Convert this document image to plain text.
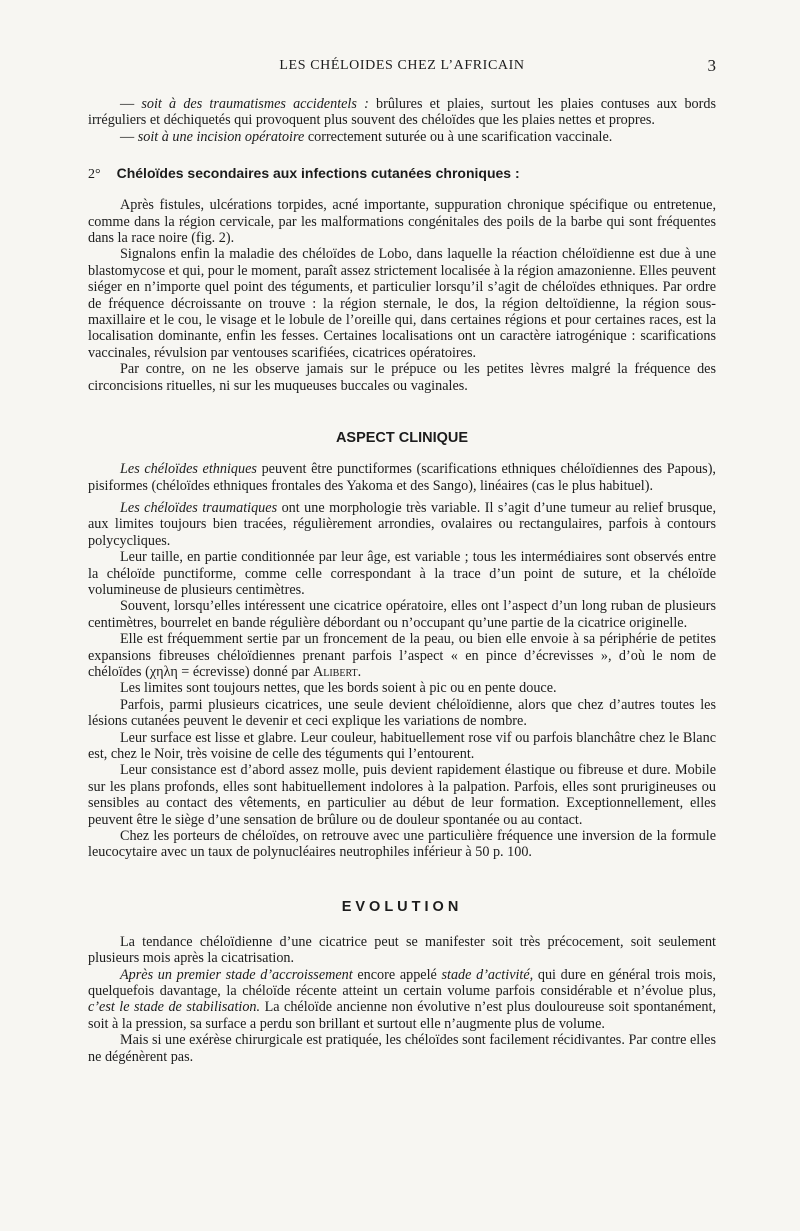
LES CHÉLOIDES CHEZ L’AFRICAIN	3

— soit à des traumatismes accidentels : brûlures et plaies, surtout les plaies contuses aux bords irréguliers et déchiquetés qui provoquent plus souvent des chéloïdes que les plaies nettes et propres.

— soit à une incision opératoire correctement suturée ou à une scarification vaccinale.

2° Chéloïdes secondaires aux infections cutanées chroniques :

Après fistules, ulcérations torpides, acné importante, suppuration chronique spécifique ou entretenue, comme dans la région cervicale, par les malformations congénitales des poils de la barbe qui sont fréquentes dans la race noire (fig. 2).

Signalons enfin la maladie des chéloïdes de Lobo, dans laquelle la réaction chéloïdienne est due à une blastomycose et qui, pour le moment, paraît assez strictement localisée à la région amazonienne. Elles peuvent siéger en n’importe quel point des téguments, et particulier lorsqu’il s’agit de chéloïdes ethniques. Par ordre de fréquence décroissante on trouve : la région sternale, le dos, la région deltoïdienne, la région sous-maxillaire et le cou, le visage et le lobule de l’oreille qui, dans certaines régions et pour certaines races, est la localisation dominante, enfin les fesses. Certaines localisations ont un caractère iatrogénique : scarifications vaccinales, révulsion par ventouses scarifiées, cicatrices opératoires.

Par contre, on ne les observe jamais sur le prépuce ou les petites lèvres malgré la fréquence des circoncisions rituelles, ni sur les muqueuses buccales ou vaginales.

ASPECT CLINIQUE

Les chéloïdes ethniques peuvent être punctiformes (scarifications ethniques chéloïdiennes des Papous), pisiformes (chéloïdes ethniques frontales des Yakoma et des Sango), linéaires (cas le plus habituel).

Les chéloïdes traumatiques ont une morphologie très variable. Il s’agit d’une tumeur au relief brusque, aux limites toujours bien tracées, régulièrement arrondies, ovalaires ou rectangulaires, parfois à contours polycycliques.

Leur taille, en partie conditionnée par leur âge, est variable ; tous les intermédiaires sont observés entre la chéloïde punctiforme, comme celle correspondant à la trace d’un point de suture, et la chéloïde volumineuse de plusieurs centimètres.

Souvent, lorsqu’elles intéressent une cicatrice opératoire, elles ont l’aspect d’un long ruban de plusieurs centimètres, bourrelet en bande régulière débordant ou n’occupant qu’une partie de la cicatrice originelle.

Elle est fréquemment sertie par un froncement de la peau, ou bien elle envoie à sa périphérie de petites expansions fibreuses chéloïdiennes prenant parfois l’aspect « en pince d’écrevisses », d’où le nom de chéloïdes (χηλη = écrevisse) donné par Alibert.

Les limites sont toujours nettes, que les bords soient à pic ou en pente douce.

Parfois, parmi plusieurs cicatrices, une seule devient chéloïdienne, alors que chez d’autres toutes les lésions cutanées peuvent le devenir et ceci explique les variations de nombre.

Leur surface est lisse et glabre. Leur couleur, habituellement rose vif ou parfois blanchâtre chez le Blanc est, chez le Noir, très voisine de celle des téguments qui l’entourent.

Leur consistance est d’abord assez molle, puis devient rapidement élastique ou fibreuse et dure. Mobile sur les plans profonds, elles sont habituellement indolores à la palpation. Parfois, elles sont prurigineuses ou sensibles au contact des vêtements, en particulier au début de leur formation. Exceptionnellement, elles peuvent être le siège d’une sensation de brûlure ou de douleur spontanée ou au contact.

Chez les porteurs de chéloïdes, on retrouve avec une particulière fréquence une inversion de la formule leucocytaire avec un taux de polynucléaires neutrophiles inférieur à 50 p. 100.

EVOLUTION

La tendance chéloïdienne d’une cicatrice peut se manifester soit très précocement, soit seulement plusieurs mois après la cicatrisation.

Après un premier stade d’accroissement encore appelé stade d’activité, qui dure en général trois mois, quelquefois davantage, la chéloïde récente atteint un certain volume parfois considérable et n’évolue plus, c’est le stade de stabilisation. La chéloïde ancienne non évolutive n’est plus douloureuse soit spontanément, soit à la pression, sa surface a perdu son brillant et surtout elle n’augmente plus de volume.

Mais si une exérèse chirurgicale est pratiquée, les chéloïdes sont facilement récidivantes. Par contre elles ne dégénèrent pas.
